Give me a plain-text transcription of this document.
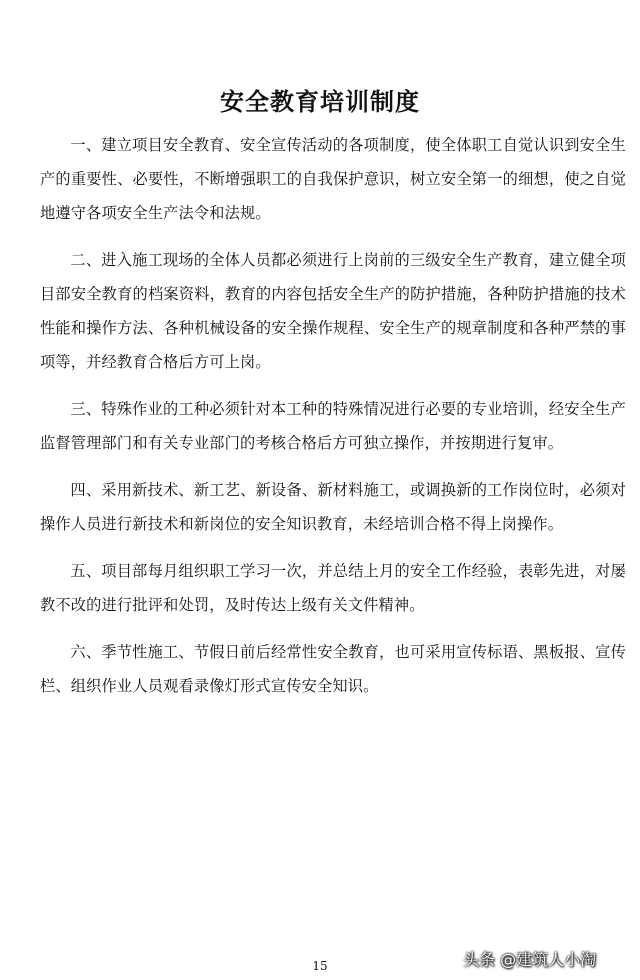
安全教育培训制度

一、建立项目安全教育、安全宣传活动的各项制度，使全体职工自觉认识到安全生产的重要性、必要性，不断增强职工的自我保护意识，树立安全第一的细想，使之自觉地遵守各项安全生产法令和法规。

二、进入施工现场的全体人员都必须进行上岗前的三级安全生产教育，建立健全项目部安全教育的档案资料，教育的内容包括安全生产的防护措施，各种防护措施的技术性能和操作方法、各种机械设备的安全操作规程、安全生产的规章制度和各种严禁的事项等，并经教育合格后方可上岗。

三、特殊作业的工种必须针对本工种的特殊情况进行必要的专业培训，经安全生产监督管理部门和有关专业部门的考核合格后方可独立操作，并按期进行复审。

四、采用新技术、新工艺、新设备、新材料施工，或调换新的工作岗位时，必须对操作人员进行新技术和新岗位的安全知识教育，未经培训合格不得上岗操作。

五、项目部每月组织职工学习一次，并总结上月的安全工作经验，表彰先进，对屡教不改的进行批评和处罚，及时传达上级有关文件精神。

六、季节性施工、节假日前后经常性安全教育，也可采用宣传标语、黑板报、宣传栏、组织作业人员观看录像灯形式宣传安全知识。

15	头条 @建筑人小淘
